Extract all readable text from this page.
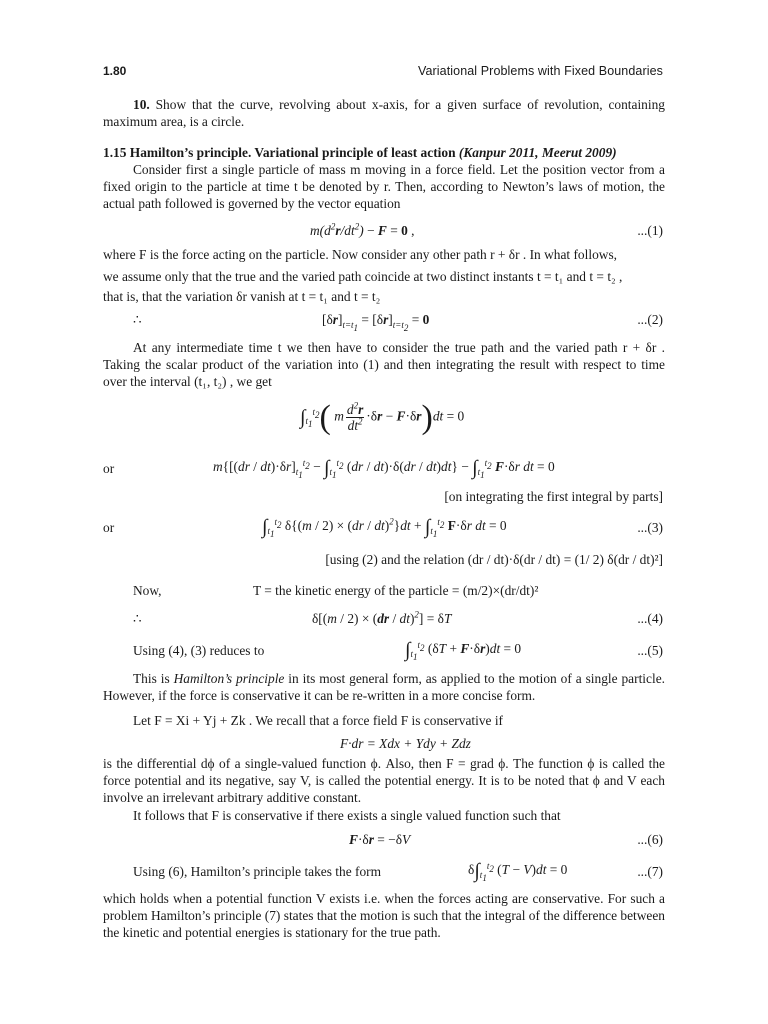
1.80	Variational Problems with Fixed Boundaries

10. Show that the curve, revolving about x-axis, for a given surface of revolution, containing maximum area, is a circle.

1.15 Hamilton’s principle. Variational principle of least action (Kanpur 2011, Meerut 2009)

Consider first a single particle of mass m moving in a force field. Let the position vector from a fixed origin to the particle at time t be denoted by r. Then, according to Newton’s laws of motion, the actual path followed is governed by the vector equation

$m(d^2r/dt^2) - F = 0$ ,	...(1)
where F is the force acting on the particle. Now consider any other path r + δr . In what follows,
we assume only that the true and the varied path coincide at two distinct instants t = t₁ and t = t₂ ,
that is, that the variation δr vanish at t = t₁ and t = t₂
∴	$[\delta r]_{t=t_1} = [\delta r]_{t=t_2} = 0$	...(2)

At any intermediate time t we then have to consider the true path and the varied path r + δr . Taking the scalar product of the variation into (1) and then integrating the result with respect to time over the interval (t₁, t₂) , we get

$\int_{t_1}^{t_2}$( m $\frac{d^2r}{dt^2} \cdot\delta r - F\cdot\delta r)dt = 0$
or	$m\{[(dr / dt)\cdot\delta r]_{t_1}^{t_2} - \int_{t_1}^{t_2}$ $(dr / dt)\cdot\delta(dr / dt)dt\} - \int_{t_1}^{t_2}$ F·δr dt = 0
[on integrating the first integral by parts]
or	$\int_{t_1}^{t_2}$ $\delta\{(m / 2) \times (dr / dt)^2\}dt + \int_{t_1}^{t_2}$ F·δr dt = 0	...(3)
[using (2) and the relation (dr / dt)·δ(dr / dt) = (1/ 2) δ(dr / dt)²]
Now,	T = the kinetic energy of the particle = (m/2)×(dr/dt)²
∴	δ[(m / 2) × (dr / dt)$^2$] = δT	...(4)
Using (4), (3) reduces to	$\int_{t_1}^{t_2}$ (δT + F·δr)dt = 0	...(5)

This is Hamilton’s principle in its most general form, as applied to the motion of a single particle. However, if the force is conservative it can be re-written in a more concise form.

Let F = Xi + Yj + Zk . We recall that a force field F is conservative if
F·dr = Xdx + Ydy + Zdz

is the differential dϕ of a single-valued function ϕ. Also, then F = grad ϕ. The function ϕ is called the force potential and its negative, say V, is called the potential energy. It is to be noted that ϕ and V each involve an irrelevant arbitrary additive constant.

It follows that F is conservative if there exists a single valued function such that

F·δr = −δV	...(6)
Using (6), Hamilton’s principle takes the form	$\delta\int_{t_1}^{t_2}$ (T − V)dt = 0	...(7)

which holds when a potential function V exists i.e. when the forces acting are conservative. For such a problem Hamilton’s principle (7) states that the motion is such that the integral of the difference between the kinetic and potential energies is stationary for the true path.
